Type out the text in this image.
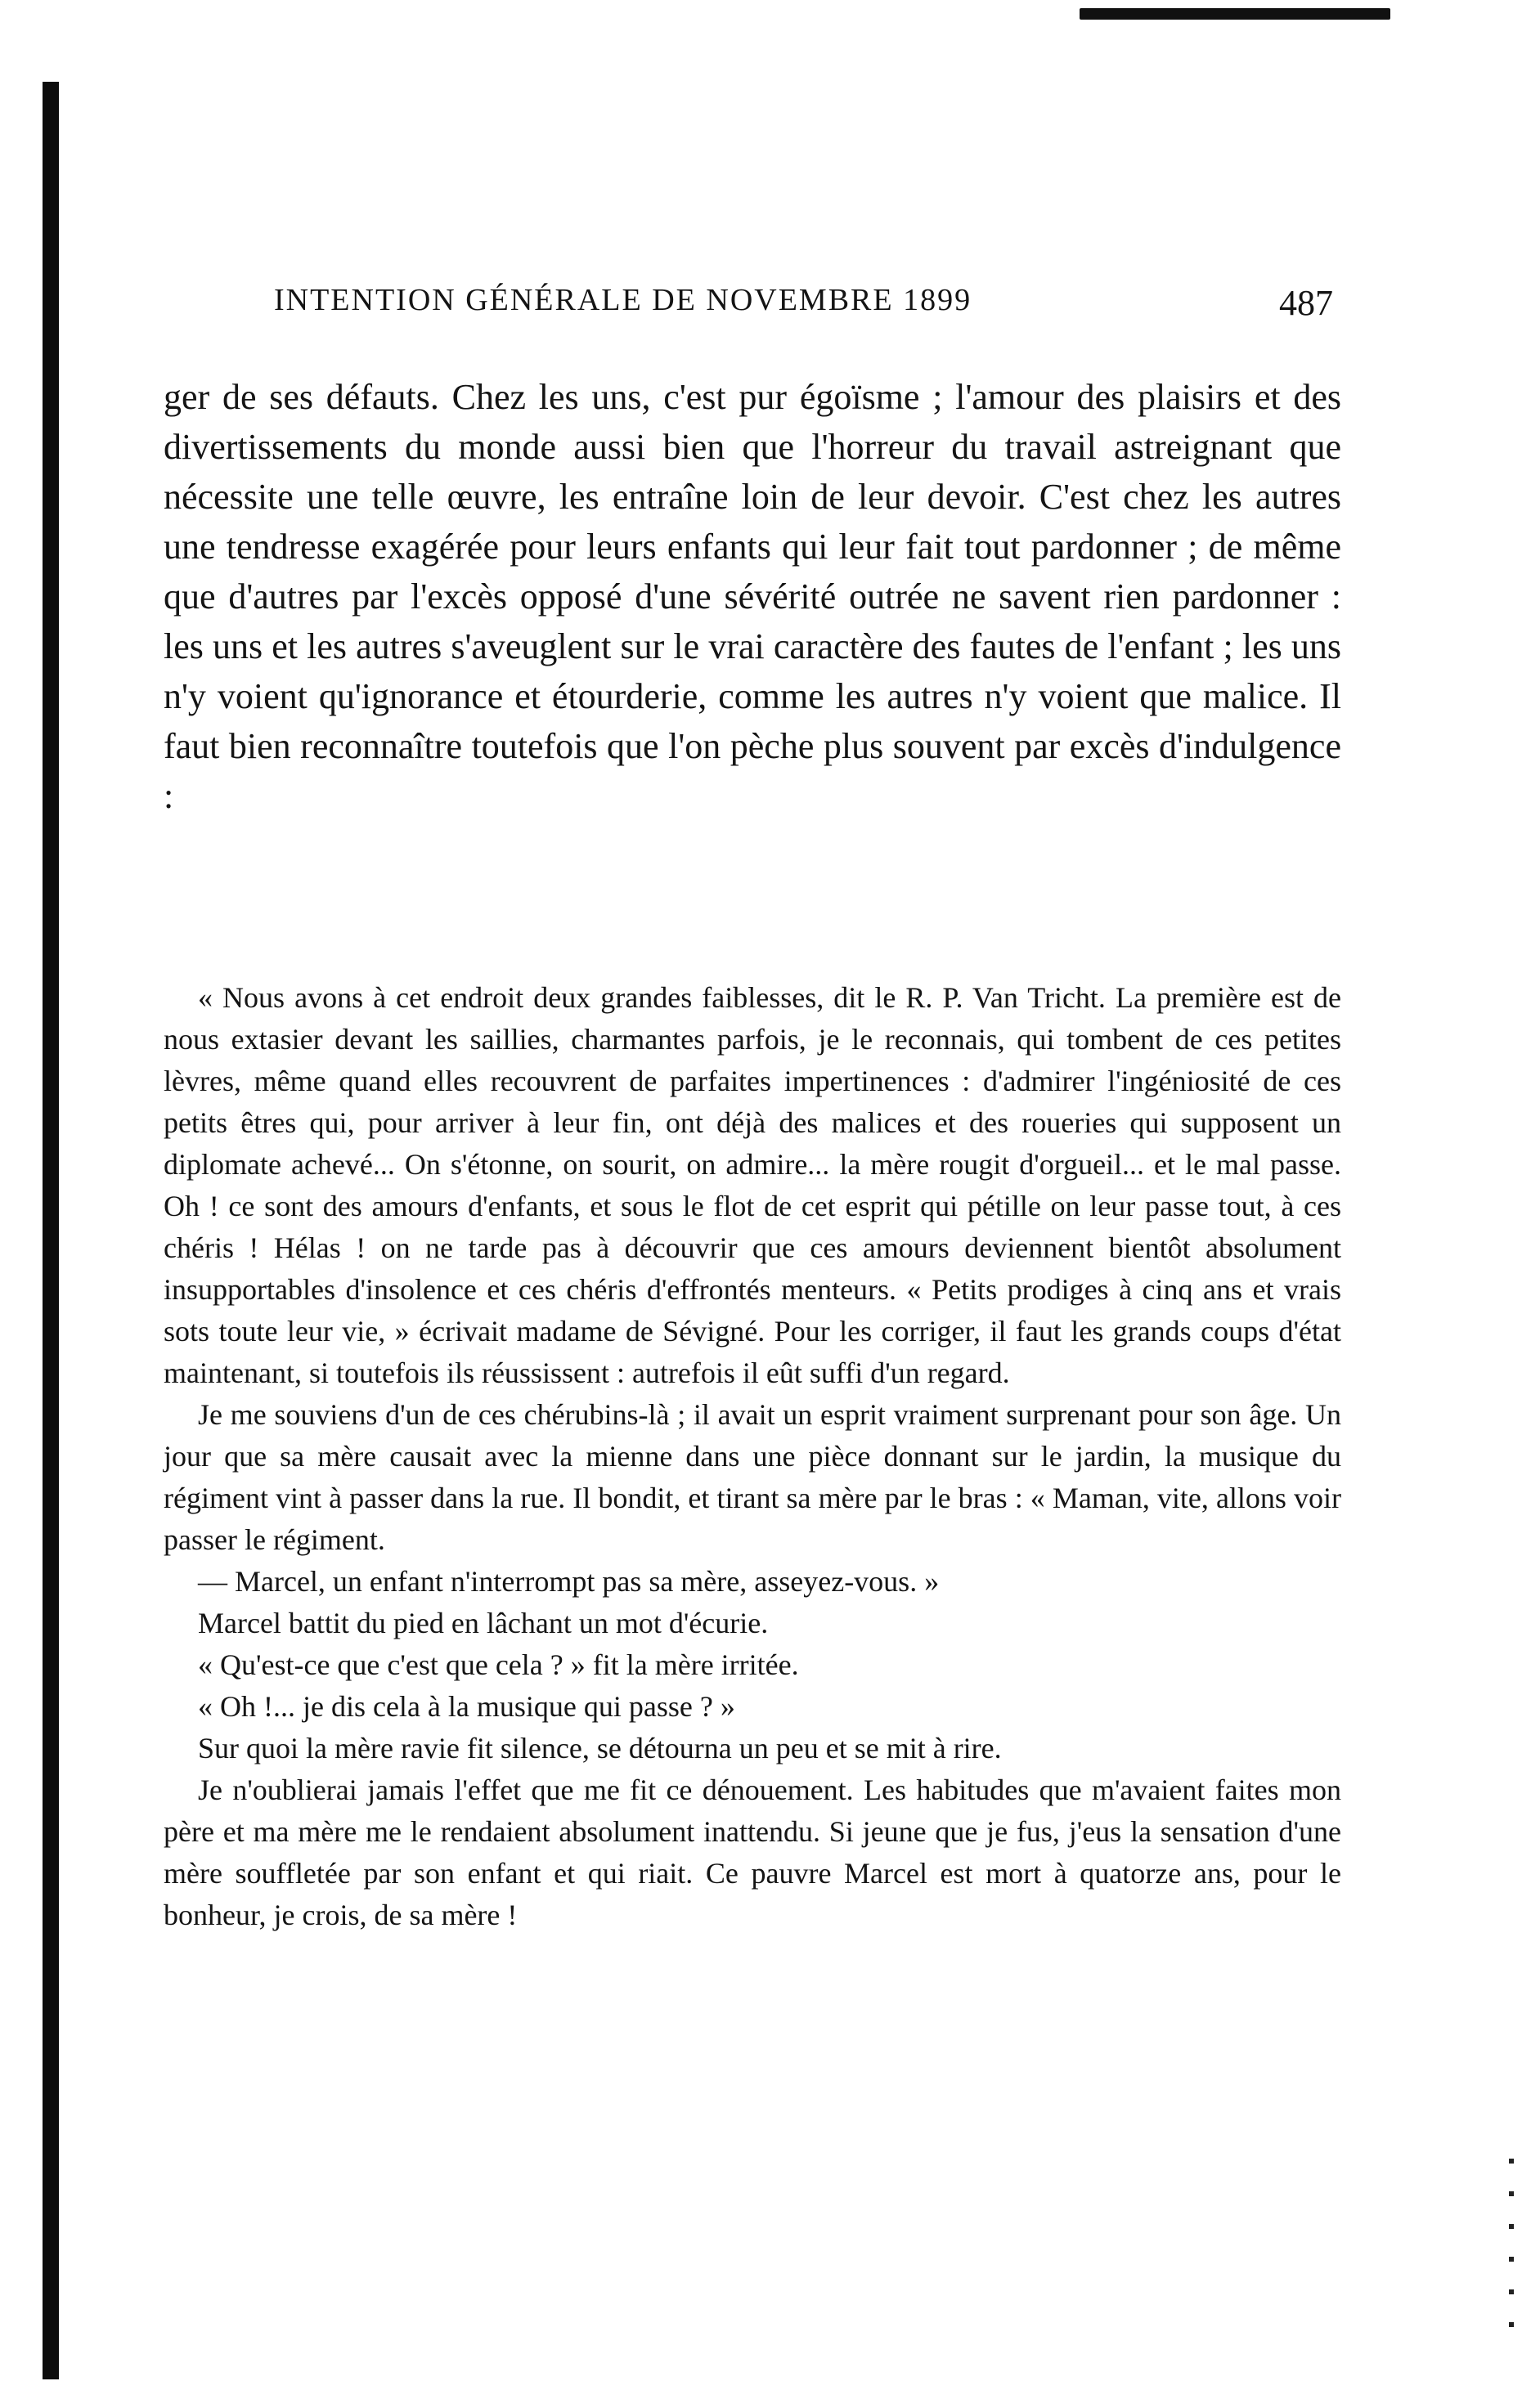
INTENTION GÉNÉRALE DE NOVEMBRE 1899	487

ger de ses défauts. Chez les uns, c'est pur égoïsme ; l'amour des plaisirs et des divertissements du monde aussi bien que l'horreur du travail astreignant que nécessite une telle œuvre, les entraîne loin de leur devoir. C'est chez les autres une tendresse exagérée pour leurs enfants qui leur fait tout pardonner ; de même que d'autres par l'excès opposé d'une sévérité outrée ne savent rien pardonner : les uns et les autres s'aveuglent sur le vrai caractère des fautes de l'enfant ; les uns n'y voient qu'ignorance et étourderie, comme les autres n'y voient que malice. Il faut bien reconnaître toutefois que l'on pèche plus souvent par excès d'indulgence :

« Nous avons à cet endroit deux grandes faiblesses, dit le R. P. Van Tricht. La première est de nous extasier devant les saillies, charmantes parfois, je le reconnais, qui tombent de ces petites lèvres, même quand elles recouvrent de parfaites impertinences : d'admirer l'ingéniosité de ces petits êtres qui, pour arriver à leur fin, ont déjà des malices et des roueries qui supposent un diplomate achevé... On s'étonne, on sourit, on admire... la mère rougit d'orgueil... et le mal passe. Oh ! ce sont des amours d'enfants, et sous le flot de cet esprit qui pétille on leur passe tout, à ces chéris ! Hélas ! on ne tarde pas à découvrir que ces amours deviennent bientôt absolument insupportables d'insolence et ces chéris d'effrontés menteurs. « Petits prodiges à cinq ans et vrais sots toute leur vie, » écrivait madame de Sévigné. Pour les corriger, il faut les grands coups d'état maintenant, si toutefois ils réussissent : autrefois il eût suffi d'un regard.

Je me souviens d'un de ces chérubins-là ; il avait un esprit vraiment surprenant pour son âge. Un jour que sa mère causait avec la mienne dans une pièce donnant sur le jardin, la musique du régiment vint à passer dans la rue. Il bondit, et tirant sa mère par le bras : « Maman, vite, allons voir passer le régiment.

— Marcel, un enfant n'interrompt pas sa mère, asseyez-vous. »

Marcel battit du pied en lâchant un mot d'écurie.

« Qu'est-ce que c'est que cela ? » fit la mère irritée.

« Oh !... je dis cela à la musique qui passe ? »

Sur quoi la mère ravie fit silence, se détourna un peu et se mit à rire.

Je n'oublierai jamais l'effet que me fit ce dénouement. Les habitudes que m'avaient faites mon père et ma mère me le rendaient absolument inattendu. Si jeune que je fus, j'eus la sensation d'une mère souffletée par son enfant et qui riait. Ce pauvre Marcel est mort à quatorze ans, pour le bonheur, je crois, de sa mère !
